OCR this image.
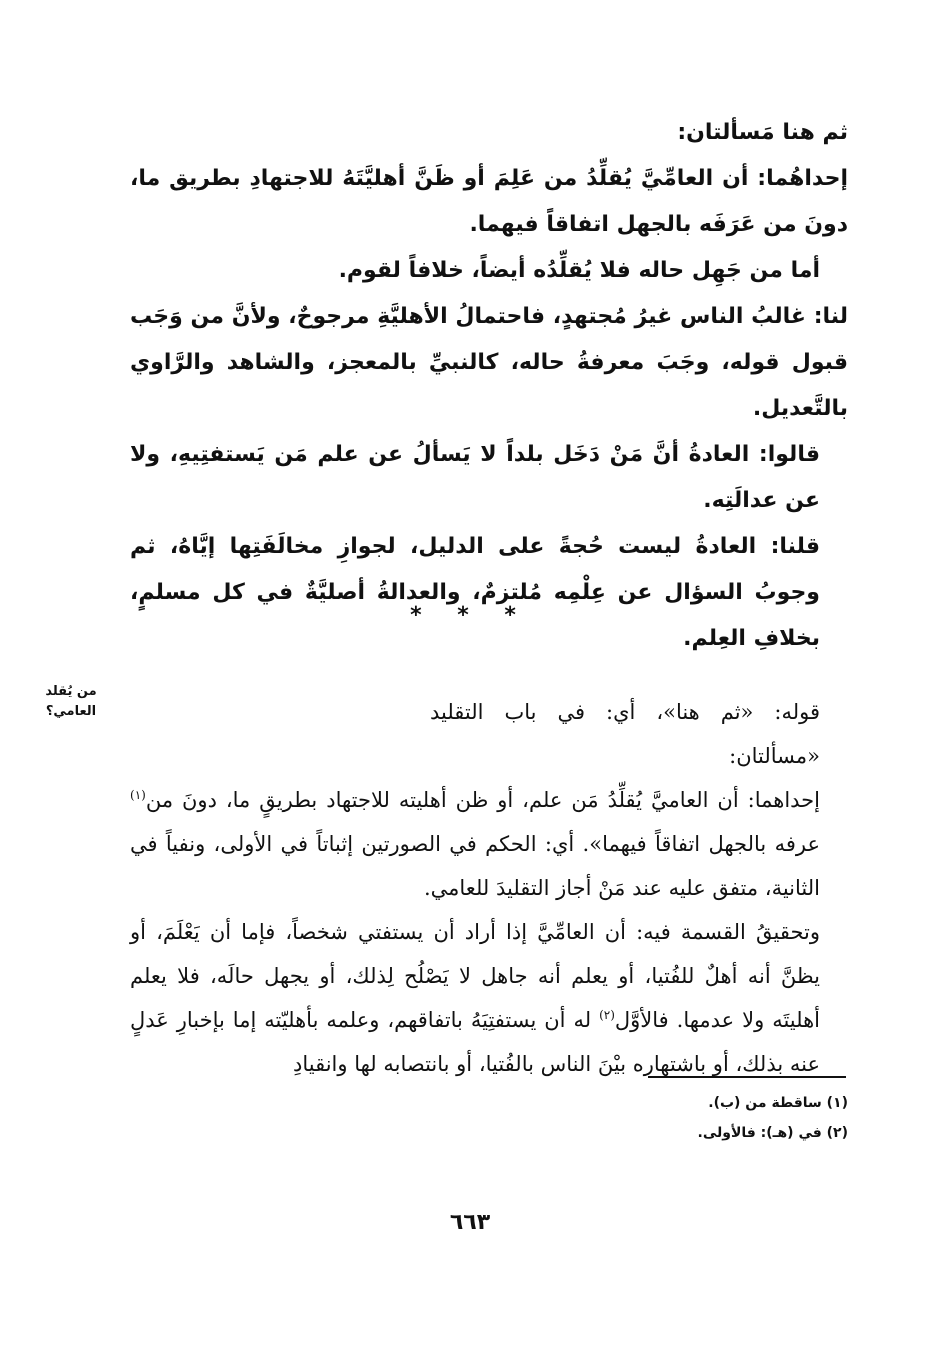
ثم هنا مَسألتان:

إحداهُما: أن العامِّيَّ يُقلِّدُ من عَلِمَ أو ظَنَّ أهليَّتَهُ للاجتهادِ بطريق ما، دونَ من عَرَفَه بالجهل اتفاقاً فيهما.

أما من جَهِل حاله فلا يُقلِّدُه أيضاً، خلافاً لقوم.

لنا: غالبُ الناس غيرُ مُجتهدٍ، فاحتمالُ الأهليَّةِ مرجوحٌ، ولأنَّ من وَجَب قبول قوله، وجَبَ معرفةُ حاله، كالنبيِّ بالمعجز، والشاهد والرَّاوي بالتَّعديل.

قالوا: العادةُ أنَّ مَنْ دَخَل بلداً لا يَسألُ عن علم مَن يَستفتِيهِ، ولا عن عدالَتِه.

قلنا: العادةُ ليست حُجةً على الدليل، لجوازِ مخالَفَتِها إيَّاهُ، ثم وجوبُ السؤال عن عِلْمِه مُلتزمٌ، والعدالةُ أصليَّةٌ في كل مسلمٍ، بخلافِ العِلم.

* * *
من يُقلد العامي؟	قوله: «ثم هنا»، أي: في باب التقليد «مسألتان:

إحداهما: أن العاميَّ يُقلِّدُ مَن علم، أو ظن أهليته للاجتهاد بطريقٍ ما، دونَ من$^{(١)}$ عرفه بالجهل اتفاقاً فيهما». أي: الحكم في الصورتين إثباتاً في الأولى، ونفياً في الثانية، متفق عليه عند مَنْ أجاز التقليدَ للعامي.

وتحقيقُ القسمة فيه: أن العامِّيَّ إذا أراد أن يستفتي شخصاً، فإما أن يَعْلَمَ، أو يظنَّ أنه أهلٌ للفُتيا، أو يعلم أنه جاهل لا يَصْلُح لِذلك، أو يجهل حالَه، فلا يعلم أهليتَه ولا عدمها. فالأوَّل$^{(٢)}$ له أن يستفتِيَهُ باتفاقهم، وعلمه بأهليّته إما بإخبارِ عَدلٍ عنه بذلك، أو باشتهاره بيْنَ الناس بالفُتيا، أو بانتصابه لها وانقيادِ

(١) ساقطة من (ب).

(٢) في (هـ): فالأولى.

٦٦٣
